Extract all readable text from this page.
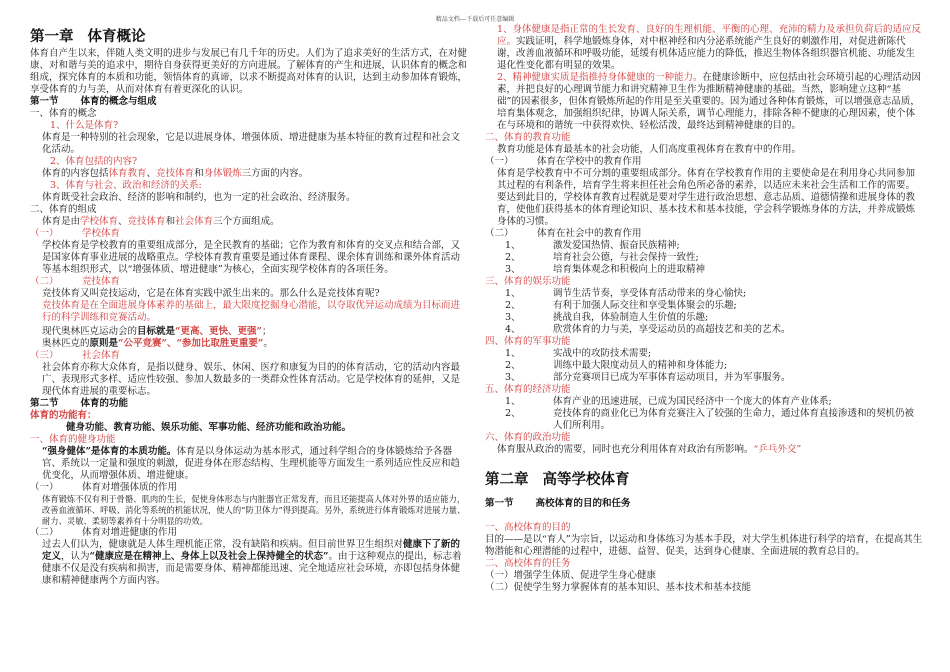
精品文档---下载后可任意编辑

第一章 体育概论

体育自产生以来，伴随人类文明的进步与发展已有几千年的历史。人们为了追求美好的生活方式，在对健康、对和谐与美的追求中，期待自身获得更美好的方向进展。了解体育的产生和进展，认识体育的概念和组成，探究体育的本质和功能，领悟体育的真谛，以求不断提高对体育的认识，达到主动参加体育锻炼，享受体育的力与美，从而对体育有着更深化的认识。

第一节 体育的概念与组成

一、体育的概念

1、什么是体育?

体育是一种特别的社会现象，它是以进展身体、增强体质、增进健康为基本特征的教育过程和社会文化活动。

2、体育包括的内容?

体育的内容包括体育教育、竞技体育和身体锻炼三方面的内容。

3、体育与社会、政治和经济的关系:

体育既受社会政治、经济的影响和制约，也为一定的社会政治、经济服务。

二、体育的组成

体育是由学校体育、竞技体育和社会体育三个方面组成。

（一）	学校体育

学校体育是学校教育的重要组成部分，是全民教育的基础；它作为教育和体育的交叉点和结合部，又是国家体育事业进展的战略重点。学校体育教育重要是通过体育课程、课余体育训练和课外体育活动等基本组织形式，以“增强体质、增进健康”为核心，全面实现学校体育的各项任务。

（二）	竞技体育

竞技体育又叫竞技运动，它是在体育实践中派生出来的。那么什么是竞技体育呢?

竞技体育是在全面进展身体素养的基础上，最大限度挖掘身心潜能，以夺取优异运动成绩为目标而进行的科学训练和竞赛活动。

现代奥林匹克运动会的目标就是“更高、更快、更强”；

奥林匹克的原则是“公平竞赛”、“参加比取胜更重要”。

（三）	社会体育

社会体育亦称大众体育，是指以健身、娱乐、休闲、医疗和康复为目的的体育活动，它的活动内容最广、表现形式多样、适应性较强、参加人数最多的一类群众性体育活动。它是学校体育的延伸，又是现代体育进展的重要标志。

第二节 体育的功能

体育的功能有：

健身功能、教育功能、娱乐功能、军事功能、经济功能和政治功能。

一、体育的健身功能

“强身健体”是体育的本质功能。体育是以身体运动为基本形式，通过科学组合的身体锻炼给予各器官、系统以一定量和强度的刺激，促进身体在形态结构、生理机能等方面发生一系列适应性反应和趋优变化，从而增强体质、增进健康。

（一）	体育对增强体质的作用

体育锻炼不仅有利于骨骼、肌肉的生长，促使身体形态与内脏器官正常发育，而且还能提高人体对外界的适应能力，改善血液循环、呼吸、消化等系统的机能状况，使人的“防卫体力”得到提高。另外，系统进行体育锻炼对进展力量、耐力、灵敏、柔韧等素养有十分明显的功效。

（二）	体育对增进健康的作用

过去人们认为，健康就是人体生理机能正常，没有缺陷和疾病。但目前世界卫生组织对健康下了新的定义，认为“健康应是在精神上、身体上以及社会上保持健全的状态”。由于这种观点的提出，标志着健康不仅是没有疾病和损害，而是需要身体、精神都能迅速、完全地适应社会环境，亦即包括身体健康和精神健康两个方面内容。

1、身体健康是指正常的生长发育、良好的生理机能、平衡的心理、充沛的精力及承担负荷后的适应反应。实践证明，科学地锻炼身体，对中枢神经和内分泌系统能产生良好的刺激作用，对促进新陈代谢，改善血液循环和呼吸功能，延缓有机体适应能力的降低，推迟生物体各组织器官机能、功能发生退化性变化都有明显的效果。

2、精神健康实质是指推持身体健康的一种能力。在健康诊断中，应包括由社会环境引起的心理活动因素，并把良好的心理调节能力和讲究精神卫生作为推断精神健康的基础。当然，影响建立这种“基础”的因素很多，但体育锻炼所起的作用是至关重要的。因为通过各种体育锻炼，可以增强意志品质，培育集体观念，加强组织纪律，协调人际关系，调节心理能力，排除各种不健康的心理因素，使个体在与环境和的谐统一中获得欢快、轻松活泼，最终达到精神健康的目的。

二、体育的教育功能

教育功能是体育最基本的社会功能，人们高度重视体育在教育中的作用。

（一）	体育在学校中的教育作用

体育是学校教育中不可分割的重要组成部分。体育在学校教育作用的主要使命是在利用身心共同参加其过程的有利条件，培育学生将来担任社会角色所必备的素养，以适应未来社会生活和工作的需要。要达到此目的，学校体育教育过程就是要对学生进行政治思想、意志品质、道德情操和进展身体的教育，使他们获得基本的体育理论知识、基本技术和基本技能，学会科学锻炼身体的方法，并养成锻炼身体的习惯。

（二）	体育在社会中的教育作用

1、	激发爱国热情、振奋民族精神;

2、	培育社会公德，与社会保持一致性;

3、	培育集体观念和积极向上的进取精神

三、体育的娱乐功能

1、	调节生活节奏，享受体育活动带来的身心愉快;

2、	有利于加强人际交往和享受集体聚会的乐趣;

3、	挑战自我，体验制造人生价值的乐趣;

4、	欣赏体育的力与美，享受运动员的高超技艺和美的艺术。

四、体育的军事功能

1、	实战中的攻防技术需要;

2、	训练中最大限度动员人的精神和身体能力;

3、	部分竞赛项目已成为军事体育运动项目，并为军事服务。

五、体育的经济功能

1、	体育产业的迅速进展，已成为国民经济中一个庞大的体育产业体系;

2、	竞技体育的商业化已为体育竞赛注入了较强的生命力，通过体育直接渗透和的契机仍被人们所利用。

六、体育的政治功能

体育服从政治的需要，同时也充分利用体育对政治有所影响。“乒乓外交”

第二章 高等学校体育

第一节 高校体育的目的和任务

一、高校体育的目的

目的——是以“育人”为宗旨，以运动和身体练习为基本手段，对大学生机体进行科学的培育，在提高其生物潜能和心理潜能的过程中，进德、益智、促美，达到身心健康、全面进展的教育总目的。

二、高校体育的任务

（一）增强学生体质、促进学生身心健康

（二）促使学生努力掌握体育的基本知识、基本技术和基本技能
